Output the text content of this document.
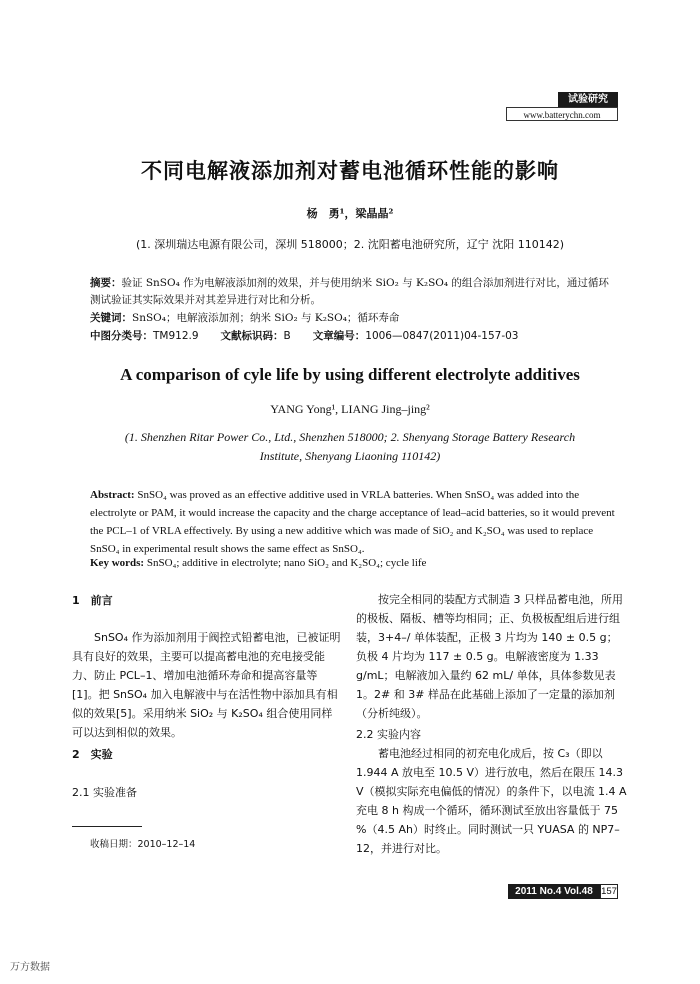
试验研究
www.batterychn.com
不同电解液添加剂对蓄电池循环性能的影响
杨　勇¹，梁晶晶²
(1. 深圳瑞达电源有限公司，深圳 518000；2. 沈阳蓄电池研究所，辽宁 沈阳 110142)
摘要：验证 SnSO₄ 作为电解液添加剂的效果，并与使用纳米 SiO₂ 与 K₂SO₄ 的组合添加剂进行对比，通过循环测试验证其实际效果并对其差异进行对比和分析。
关键词：SnSO₄；电解液添加剂；纳米 SiO₂ 与 K₂SO₄；循环寿命
中图分类号：TM912.9 文献标识码：B 文章编号：1006—0847(2011)04-157-03
A comparison of cyle life by using different electrolyte additives
YANG Yong¹, LIANG Jing–jing²
(1. Shenzhen Ritar Power Co., Ltd., Shenzhen 518000; 2. Shenyang Storage Battery Research Institute, Shenyang Liaoning 110142)
Abstract: SnSO₄ was proved as an effective additive used in VRLA batteries. When SnSO₄ was added into the electrolyte or PAM, it would increase the capacity and the charge acceptance of lead–acid batteries, so it would prevent the PCL–1 of VRLA effectively. By using a new additive which was made of SiO₂ and K₂SO₄ was used to replace SnSO₄ in experimental result shows the same effect as SnSO₄.
Key words: SnSO₄; additive in electrolyte; nano SiO₂ and K₂SO₄; cycle life
1　前言
SnSO₄ 作为添加剂用于阀控式铅蓄电池，已被证明具有良好的效果，主要可以提高蓄电池的充电接受能力、防止 PCL–1、增加电池循环寿命和提高容量等[1]。把 SnSO₄ 加入电解液中与在活性物中添加具有相似的效果[5]。采用纳米 SiO₂ 与 K₂SO₄ 组合使用同样可以达到相似的效果。
2　实验
2.1 实验准备
收稿日期：2010–12–14
按完全相同的装配方式制造 3 只样品蓄电池，所用的极板、隔板、槽等均相同；正、负极板配组后进行组装，3+4–/ 单体装配，正极 3 片均为 140 ± 0.5 g；负极 4 片均为 117 ± 0.5 g。电解液密度为 1.33 g/mL；电解液加入量约 62 mL/ 单体，具体参数见表 1。2# 和 3# 样品在此基础上添加了一定量的添加剂（分析纯级）。
2.2 实验内容
蓄电池经过相同的初充电化成后，按 C₃（即以 1.944 A 放电至 10.5 V）进行放电，然后在限压 14.3 V（模拟实际充电偏低的情况）的条件下，以电流 1.4 A 充电 8 h 构成一个循环，循环测试至放出容量低于 75 %（4.5 Ah）时终止。同时测试一只 YUASA 的 NP7–12，并进行对比。
2011 No.4 Vol.48 157
万方数据
